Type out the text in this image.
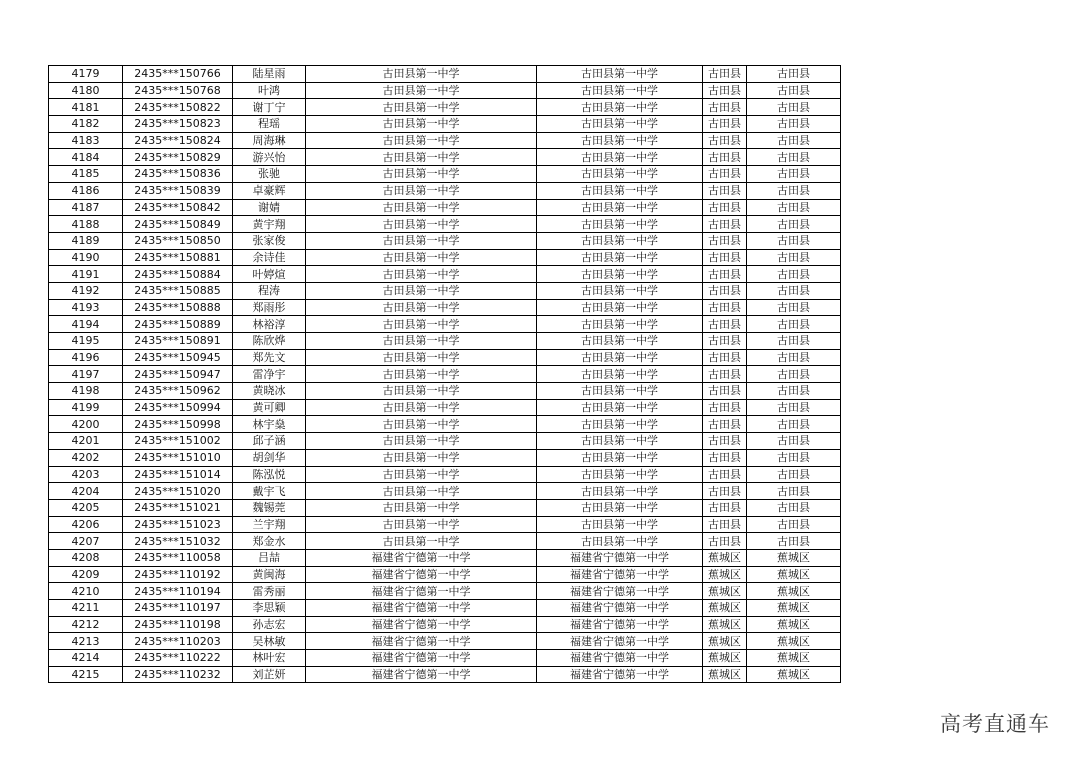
4179	2435***150766	陆星雨	古田县第一中学	古田县第一中学	古田县	古田县
4180	2435***150768	叶鸿	古田县第一中学	古田县第一中学	古田县	古田县
4181	2435***150822	谢丁宁	古田县第一中学	古田县第一中学	古田县	古田县
4182	2435***150823	程瑶	古田县第一中学	古田县第一中学	古田县	古田县
4183	2435***150824	周海琳	古田县第一中学	古田县第一中学	古田县	古田县
4184	2435***150829	游兴怡	古田县第一中学	古田县第一中学	古田县	古田县
4185	2435***150836	张驰	古田县第一中学	古田县第一中学	古田县	古田县
4186	2435***150839	卓豪辉	古田县第一中学	古田县第一中学	古田县	古田县
4187	2435***150842	谢婧	古田县第一中学	古田县第一中学	古田县	古田县
4188	2435***150849	黄宇翔	古田县第一中学	古田县第一中学	古田县	古田县
4189	2435***150850	张家俊	古田县第一中学	古田县第一中学	古田县	古田县
4190	2435***150881	余诗佳	古田县第一中学	古田县第一中学	古田县	古田县
4191	2435***150884	叶婷煊	古田县第一中学	古田县第一中学	古田县	古田县
4192	2435***150885	程涛	古田县第一中学	古田县第一中学	古田县	古田县
4193	2435***150888	郑雨彤	古田县第一中学	古田县第一中学	古田县	古田县
4194	2435***150889	林裕淳	古田县第一中学	古田县第一中学	古田县	古田县
4195	2435***150891	陈欣烨	古田县第一中学	古田县第一中学	古田县	古田县
4196	2435***150945	郑先文	古田县第一中学	古田县第一中学	古田县	古田县
4197	2435***150947	雷净宇	古田县第一中学	古田县第一中学	古田县	古田县
4198	2435***150962	黄晓冰	古田县第一中学	古田县第一中学	古田县	古田县
4199	2435***150994	黄可卿	古田县第一中学	古田县第一中学	古田县	古田县
4200	2435***150998	林宇燊	古田县第一中学	古田县第一中学	古田县	古田县
4201	2435***151002	邱子涵	古田县第一中学	古田县第一中学	古田县	古田县
4202	2435***151010	胡剑华	古田县第一中学	古田县第一中学	古田县	古田县
4203	2435***151014	陈泓悦	古田县第一中学	古田县第一中学	古田县	古田县
4204	2435***151020	戴宇飞	古田县第一中学	古田县第一中学	古田县	古田县
4205	2435***151021	魏锡莞	古田县第一中学	古田县第一中学	古田县	古田县
4206	2435***151023	兰宇翔	古田县第一中学	古田县第一中学	古田县	古田县
4207	2435***151032	郑金水	古田县第一中学	古田县第一中学	古田县	古田县
4208	2435***110058	吕喆	福建省宁德第一中学	福建省宁德第一中学	蕉城区	蕉城区
4209	2435***110192	黄闽海	福建省宁德第一中学	福建省宁德第一中学	蕉城区	蕉城区
4210	2435***110194	雷秀丽	福建省宁德第一中学	福建省宁德第一中学	蕉城区	蕉城区
4211	2435***110197	李思颖	福建省宁德第一中学	福建省宁德第一中学	蕉城区	蕉城区
4212	2435***110198	孙志宏	福建省宁德第一中学	福建省宁德第一中学	蕉城区	蕉城区
4213	2435***110203	吴林敏	福建省宁德第一中学	福建省宁德第一中学	蕉城区	蕉城区
4214	2435***110222	林叶宏	福建省宁德第一中学	福建省宁德第一中学	蕉城区	蕉城区
4215	2435***110232	刘芷妍	福建省宁德第一中学	福建省宁德第一中学	蕉城区	蕉城区
高考直通车
